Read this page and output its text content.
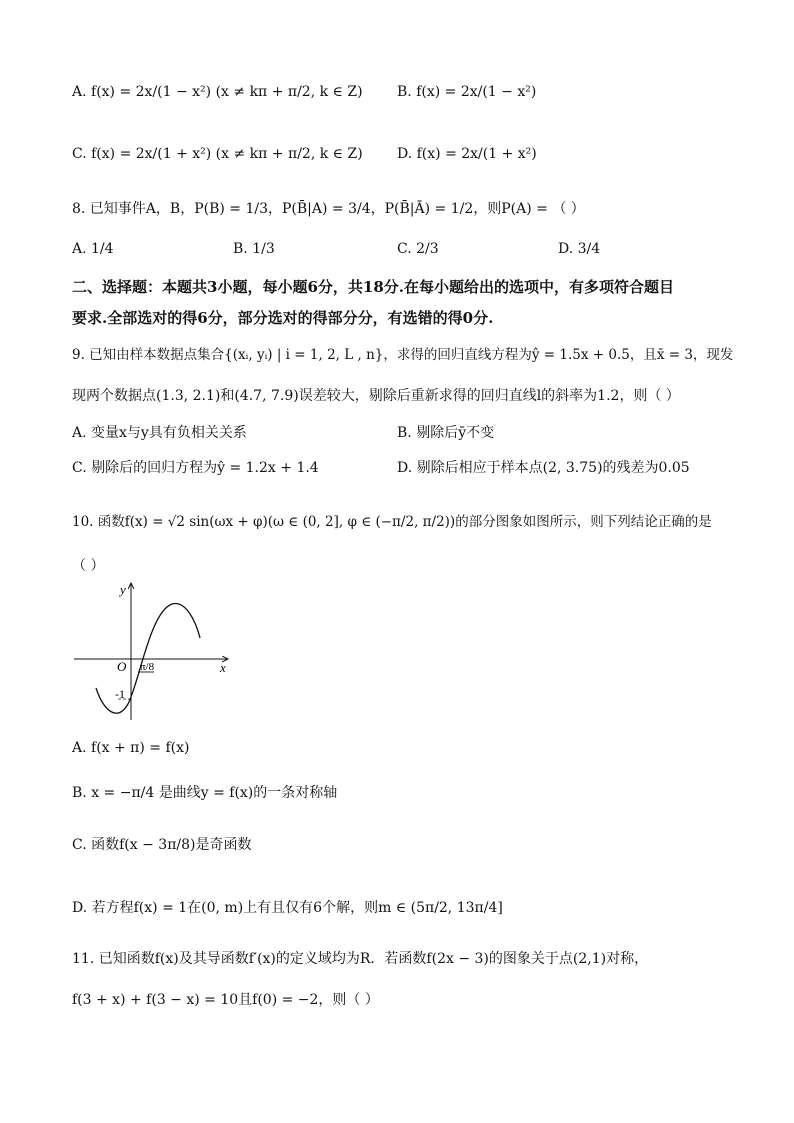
A. f(x) = 2x/(1 − x²) (x ≠ kπ + π/2, k ∈ Z) B. f(x) = 2x/(1 − x²)
C. f(x) = 2x/(1 + x²) (x ≠ kπ + π/2, k ∈ Z) D. f(x) = 2x/(1 + x²)
8. 已知事件A，B，P(B) = 1/3，P(B̄|A) = 3/4，P(B̄|Ā) = 1/2，则P(A) = （ ）
A. 1/4	B. 1/3	C. 2/3	D. 3/4
二、选择题：本题共3小题，每小题6分，共18分.在每小题给出的选项中，有多项符合题目
要求.全部选对的得6分，部分选对的得部分分，有选错的得0分.
9. 已知由样本数据点集合{(xᵢ, yᵢ) | i = 1, 2, L , n}，求得的回归直线方程为ŷ = 1.5x + 0.5，且x̄ = 3，现发
现两个数据点(1.3, 2.1)和(4.7, 7.9)误差较大，剔除后重新求得的回归直线l的斜率为1.2，则（ ）
A. 变量x与y具有负相关关系	B. 剔除后ȳ不变
C. 剔除后的回归方程为ŷ = 1.2x + 1.4	D. 剔除后相应于样本点(2, 3.75)的残差为0.05
10. 函数f(x) = √2 sin(ωx + φ)(ω ∈ (0, 2], φ ∈ (−π/2, π/2))的部分图象如图所示，则下列结论正确的是
（ ）
y
x
O π/8
-1
A. f(x + π) = f(x)
B. x = −π/4 是曲线y = f(x)的一条对称轴
C. 函数f(x − 3π/8)是奇函数
D. 若方程f(x) = 1在(0, m)上有且仅有6个解，则m ∈ (5π/2, 13π/4]
11. 已知函数f(x)及其导函数f′(x)的定义域均为R．若函数f(2x − 3)的图象关于点(2,1)对称，
f(3 + x) + f(3 − x) = 10且f(0) = −2，则（ ）
